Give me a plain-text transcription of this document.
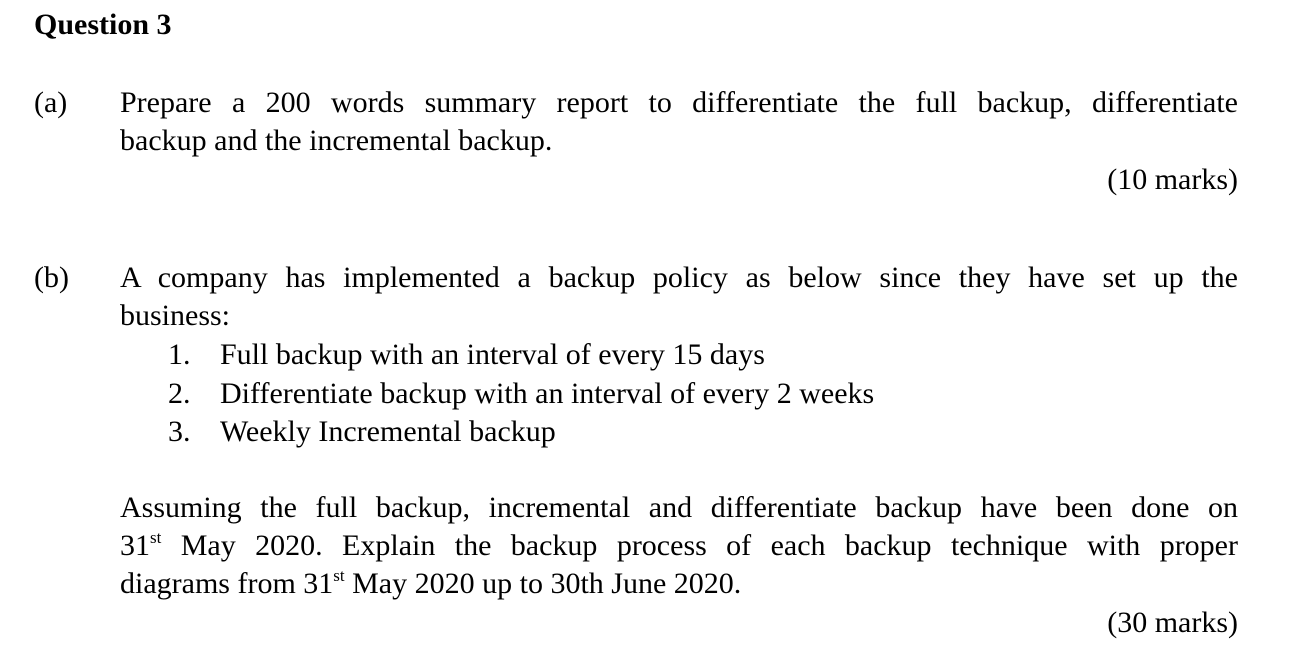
Question 3
(a) Prepare a 200 words summary report to differentiate the full backup, differentiate
backup and the incremental backup.
(10 marks)
(b) A company has implemented a backup policy as below since they have set up the
business:
1. Full backup with an interval of every 15 days
2. Differentiate backup with an interval of every 2 weeks
3. Weekly Incremental backup
Assuming the full backup, incremental and differentiate backup have been done on
31st May 2020. Explain the backup process of each backup technique with proper
diagrams from 31st May 2020 up to 30th June 2020.
(30 marks)
